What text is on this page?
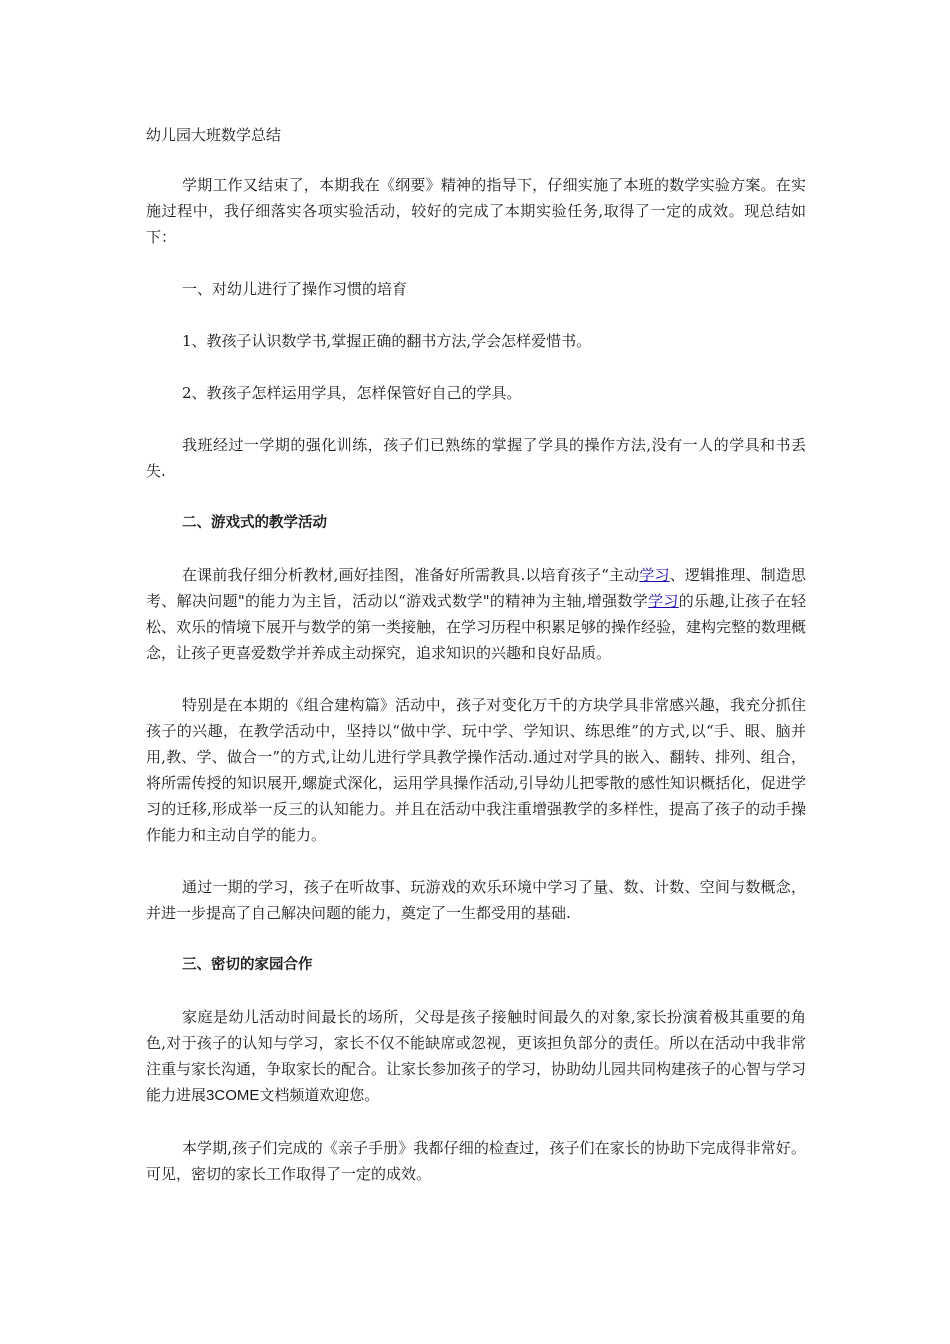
幼儿园大班数学总结

学期工作又结束了，本期我在《纲要》精神的指导下，仔细实施了本班的数学实验方案。在实施过程中，我仔细落实各项实验活动，较好的完成了本期实验任务,取得了一定的成效。现总结如下：

一、对幼儿进行了操作习惯的培育

1、教孩子认识数学书,掌握正确的翻书方法,学会怎样爱惜书。

2、教孩子怎样运用学具，怎样保管好自己的学具。

我班经过一学期的强化训练，孩子们已熟练的掌握了学具的操作方法,没有一人的学具和书丢失.

二、游戏式的教学活动

在课前我仔细分析教材,画好挂图，准备好所需教具.以培育孩子“主动学习、逻辑推理、制造思考、解决问题"的能力为主旨，活动以“游戏式数学"的精神为主轴,增强数学学习的乐趣,让孩子在轻松、欢乐的情境下展开与数学的第一类接触，在学习历程中积累足够的操作经验，建构完整的数理概念，让孩子更喜爱数学并养成主动探究，追求知识的兴趣和良好品质。

特别是在本期的《组合建构篇》活动中，孩子对变化万千的方块学具非常感兴趣，我充分抓住孩子的兴趣，在教学活动中，坚持以“做中学、玩中学、学知识、练思维”的方式,以“手、眼、脑并用,教、学、做合一”的方式,让幼儿进行学具教学操作活动.通过对学具的嵌入、翻转、排列、组合，将所需传授的知识展开,螺旋式深化，运用学具操作活动,引导幼儿把零散的感性知识概括化，促进学习的迁移,形成举一反三的认知能力。并且在活动中我注重增强教学的多样性，提高了孩子的动手操作能力和主动自学的能力。

通过一期的学习，孩子在听故事、玩游戏的欢乐环境中学习了量、数、计数、空间与数概念，并进一步提高了自己解决问题的能力，奠定了一生都受用的基础.

三、密切的家园合作

家庭是幼儿活动时间最长的场所，父母是孩子接触时间最久的对象,家长扮演着极其重要的角色,对于孩子的认知与学习，家长不仅不能缺席或忽视，更该担负部分的责任。所以在活动中我非常注重与家长沟通，争取家长的配合。让家长参加孩子的学习，协助幼儿园共同构建孩子的心智与学习能力进展3COME文档频道欢迎您。

本学期,孩子们完成的《亲子手册》我都仔细的检查过，孩子们在家长的协助下完成得非常好。可见，密切的家长工作取得了一定的成效。
